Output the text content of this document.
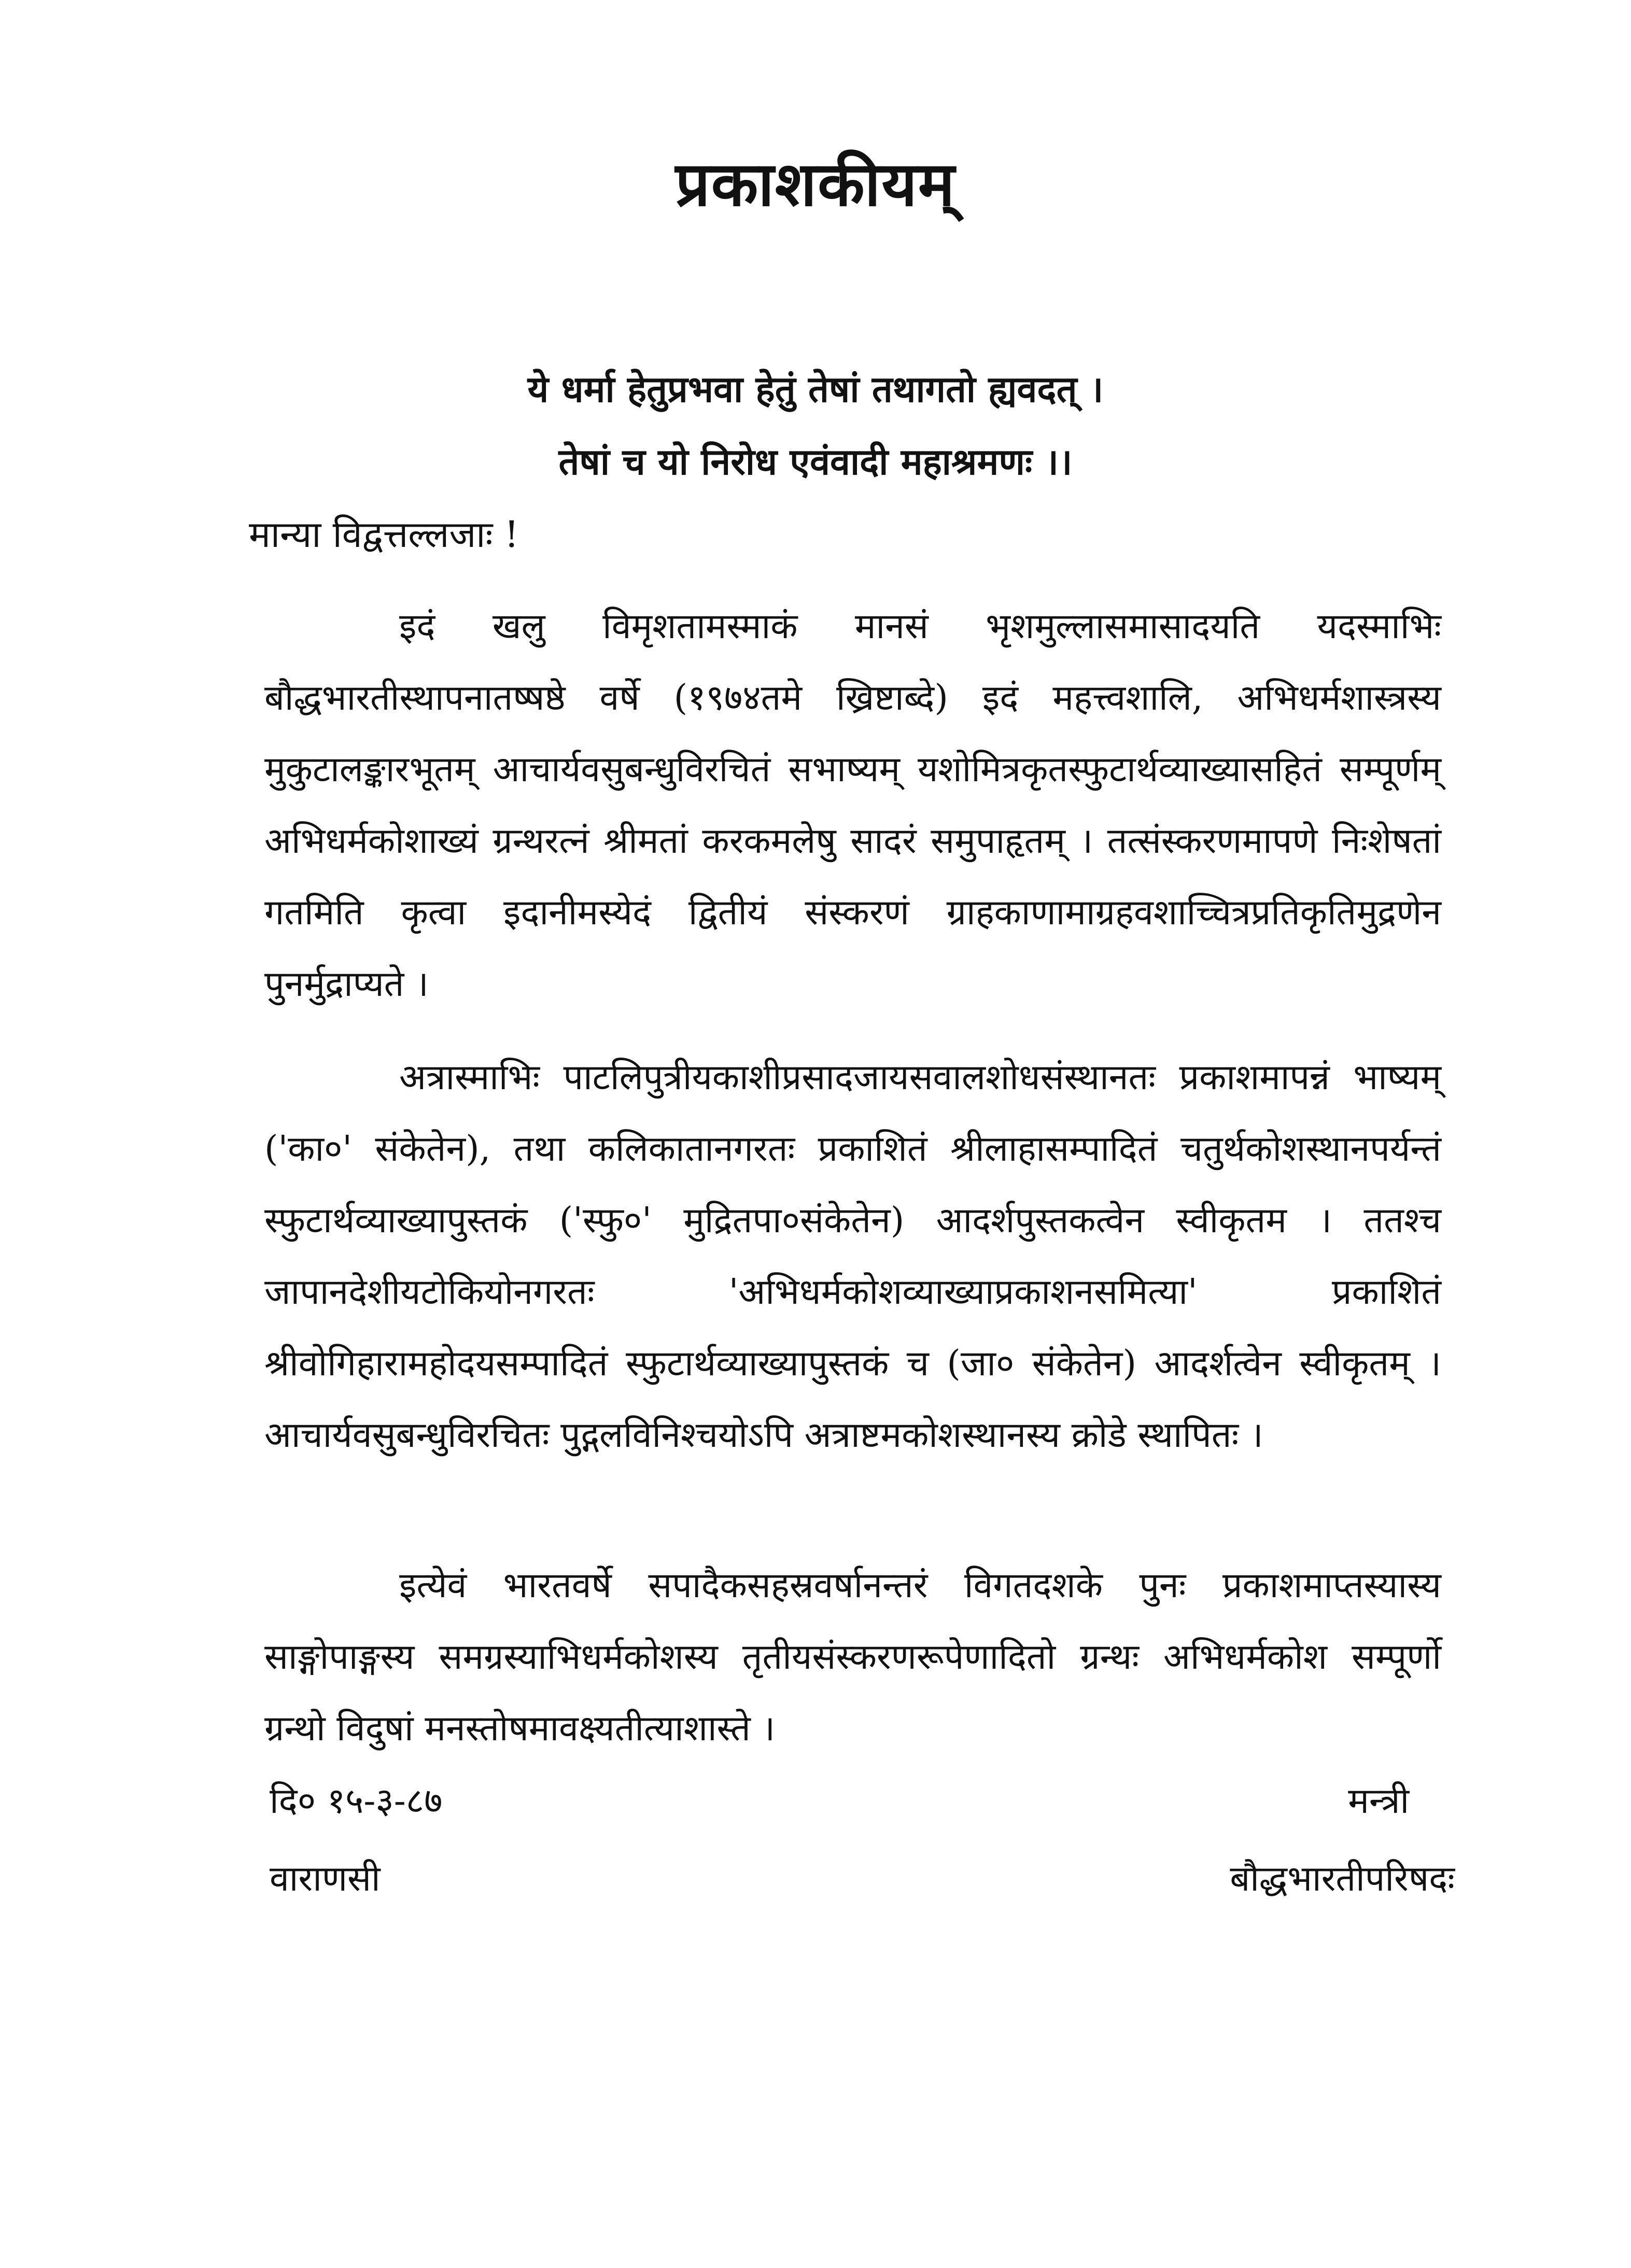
प्रकाशकीयम्
ये धर्मा हेतुप्रभवा हेतुं तेषां तथागतो ह्यवदत् ।
तेषां च यो निरोध एवंवादी महाश्रमणः ।।
मान्या विद्वत्तल्लजाः !

इदं खलु विमृशतामस्माकं मानसं भृशमुल्लासमासादयति यदस्माभिः बौद्धभारतीस्थापनातष्षष्ठे वर्षे (१९७४तमे ख्रिष्टाब्दे) इदं महत्त्वशालि, अभिधर्मशास्त्रस्य मुकुटालङ्कारभूतम् आचार्यवसुबन्धुविरचितं सभाष्यम् यशोमित्रकृतस्फुटार्थव्याख्यासहितं सम्पूर्णम् अभिधर्मकोशाख्यं ग्रन्थरत्नं श्रीमतां करकमलेषु सादरं समुपाहृतम् । तत्संस्करणमापणे निःशेषतां गतमिति कृत्वा इदानीमस्येदं द्वितीयं संस्करणं ग्राहकाणामाग्रहवशाच्चित्रप्रतिकृतिमुद्रणेन पुनर्मुद्राप्यते ।

अत्रास्माभिः पाटलिपुत्रीयकाशीप्रसादजायसवालशोधसंस्थानतः प्रकाशमापन्नं भाष्यम् ('का०' संकेतेन), तथा कलिकातानगरतः प्रकाशितं श्रीलाहासम्पादितं चतुर्थकोशस्थानपर्यन्तं स्फुटार्थव्याख्यापुस्तकं ('स्फु०' मुद्रितपा०संकेतेन) आदर्शपुस्तकत्वेन स्वीकृतम । ततश्च जापानदेशीयटोकियोनगरतः 'अभिधर्मकोशव्याख्याप्रकाशनसमित्या' प्रकाशितं श्रीवोगिहारामहोदयसम्पादितं स्फुटार्थव्याख्यापुस्तकं च (जा० संकेतेन) आदर्शत्वेन स्वीकृतम् । आचार्यवसुबन्धुविरचितः पुद्गलविनिश्चयोऽपि अत्राष्टमकोशस्थानस्य क्रोडे स्थापितः ।

इत्येवं भारतवर्षे सपादैकसहस्रवर्षानन्तरं विगतदशके पुनः प्रकाशमाप्तस्यास्य साङ्गोपाङ्गस्य समग्रस्याभिधर्मकोशस्य तृतीयसंस्करणरूपेणादितो ग्रन्थः अभिधर्मकोश सम्पूर्णो ग्रन्थो विदुषां मनस्तोषमावक्ष्यतीत्याशास्ते ।

दि० १५-३-८७
वाराणसी
मन्त्री
बौद्धभारतीपरिषदः
